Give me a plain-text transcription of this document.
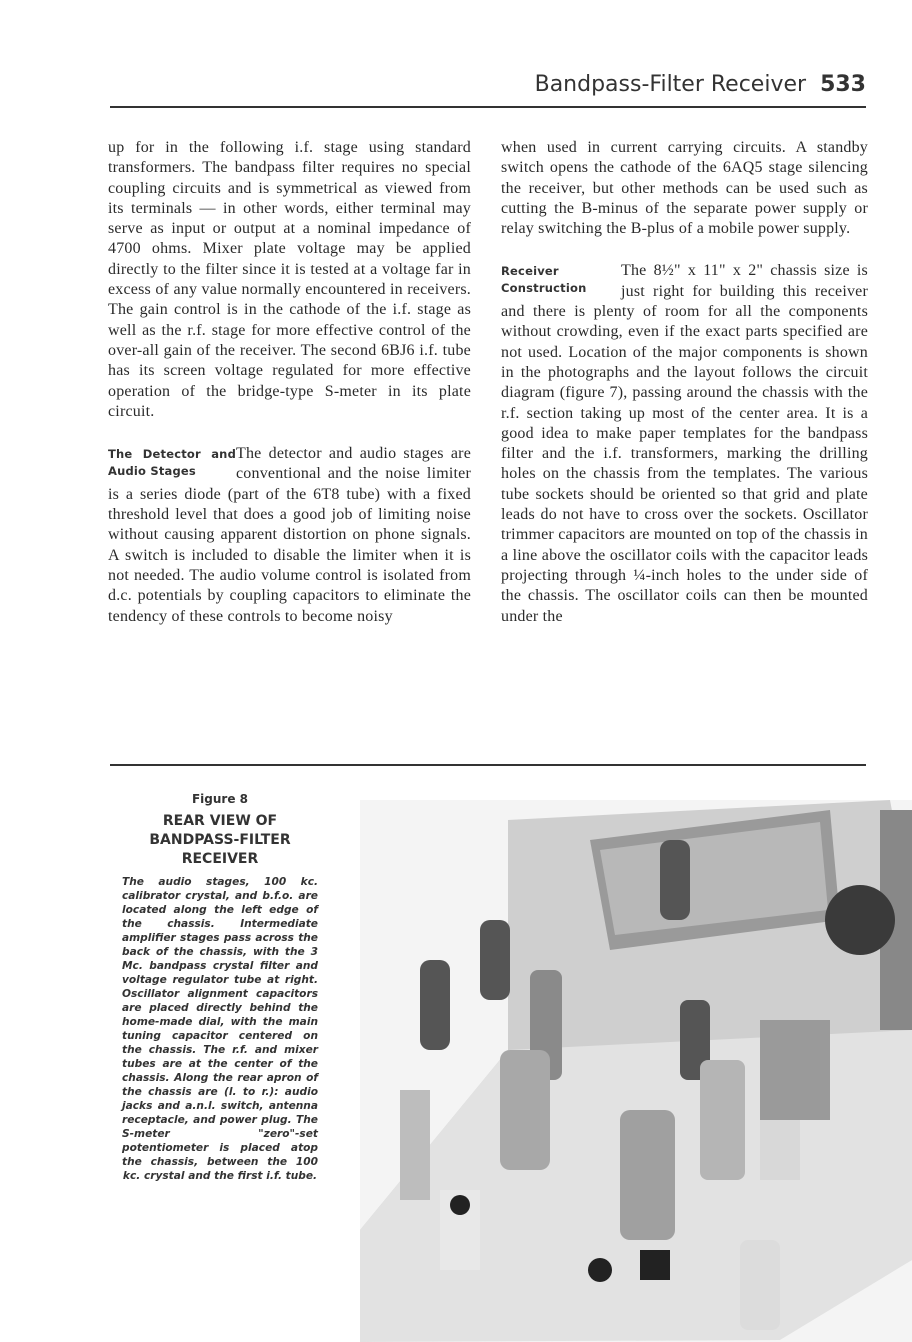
Bandpass-Filter Receiver 533

up for in the following i.f. stage using standard transformers. The bandpass filter requires no special coupling circuits and is symmetrical as viewed from its terminals — in other words, either terminal may serve as input or output at a nominal impedance of 4700 ohms. Mixer plate voltage may be applied directly to the filter since it is tested at a voltage far in excess of any value normally encountered in receivers. The gain control is in the cathode of the i.f. stage as well as the r.f. stage for more effective control of the over-all gain of the receiver. The second 6BJ6 i.f. tube has its screen voltage regulated for more effective operation of the bridge-type S-meter in its plate circuit.

The Detector and Audio Stages

The detector and audio stages are conventional and the noise limiter is a series diode (part of the 6T8 tube) with a fixed threshold level that does a good job of limiting noise without causing apparent distortion on phone signals. A switch is included to disable the limiter when it is not needed. The audio volume control is isolated from d.c. potentials by coupling capacitors to eliminate the tendency of these controls to become noisy

when used in current carrying circuits. A standby switch opens the cathode of the 6AQ5 stage silencing the receiver, but other methods can be used such as cutting the B-minus of the separate power supply or relay switching the B-plus of a mobile power supply.

Receiver Construction

The 8½" x 11" x 2" chassis size is just right for building this receiver and there is plenty of room for all the components without crowding, even if the exact parts specified are not used. Location of the major components is shown in the photographs and the layout follows the circuit diagram (figure 7), passing around the chassis with the r.f. section taking up most of the center area. It is a good idea to make paper templates for the bandpass filter and the i.f. transformers, marking the drilling holes on the chassis from the templates. The various tube sockets should be oriented so that grid and plate leads do not have to cross over the sockets. Oscillator trimmer capacitors are mounted on top of the chassis in a line above the oscillator coils with the capacitor leads projecting through ¼-inch holes to the under side of the chassis. The oscillator coils can then be mounted under the

Figure 8
REAR VIEW OF BANDPASS-FILTER RECEIVER
The audio stages, 100 kc. calibrator crystal, and b.f.o. are located along the left edge of the chassis. Intermediate amplifier stages pass across the back of the chassis, with the 3 Mc. bandpass crystal filter and voltage regulator tube at right. Oscillator alignment capacitors are placed directly behind the home-made dial, with the main tuning capacitor centered on the chassis. The r.f. and mixer tubes are at the center of the chassis. Along the rear apron of the chassis are (l. to r.): audio jacks and a.n.l. switch, antenna receptacle, and power plug. The S-meter "zero"-set potentiometer is placed atop the chassis, between the 100 kc. crystal and the first i.f. tube.
